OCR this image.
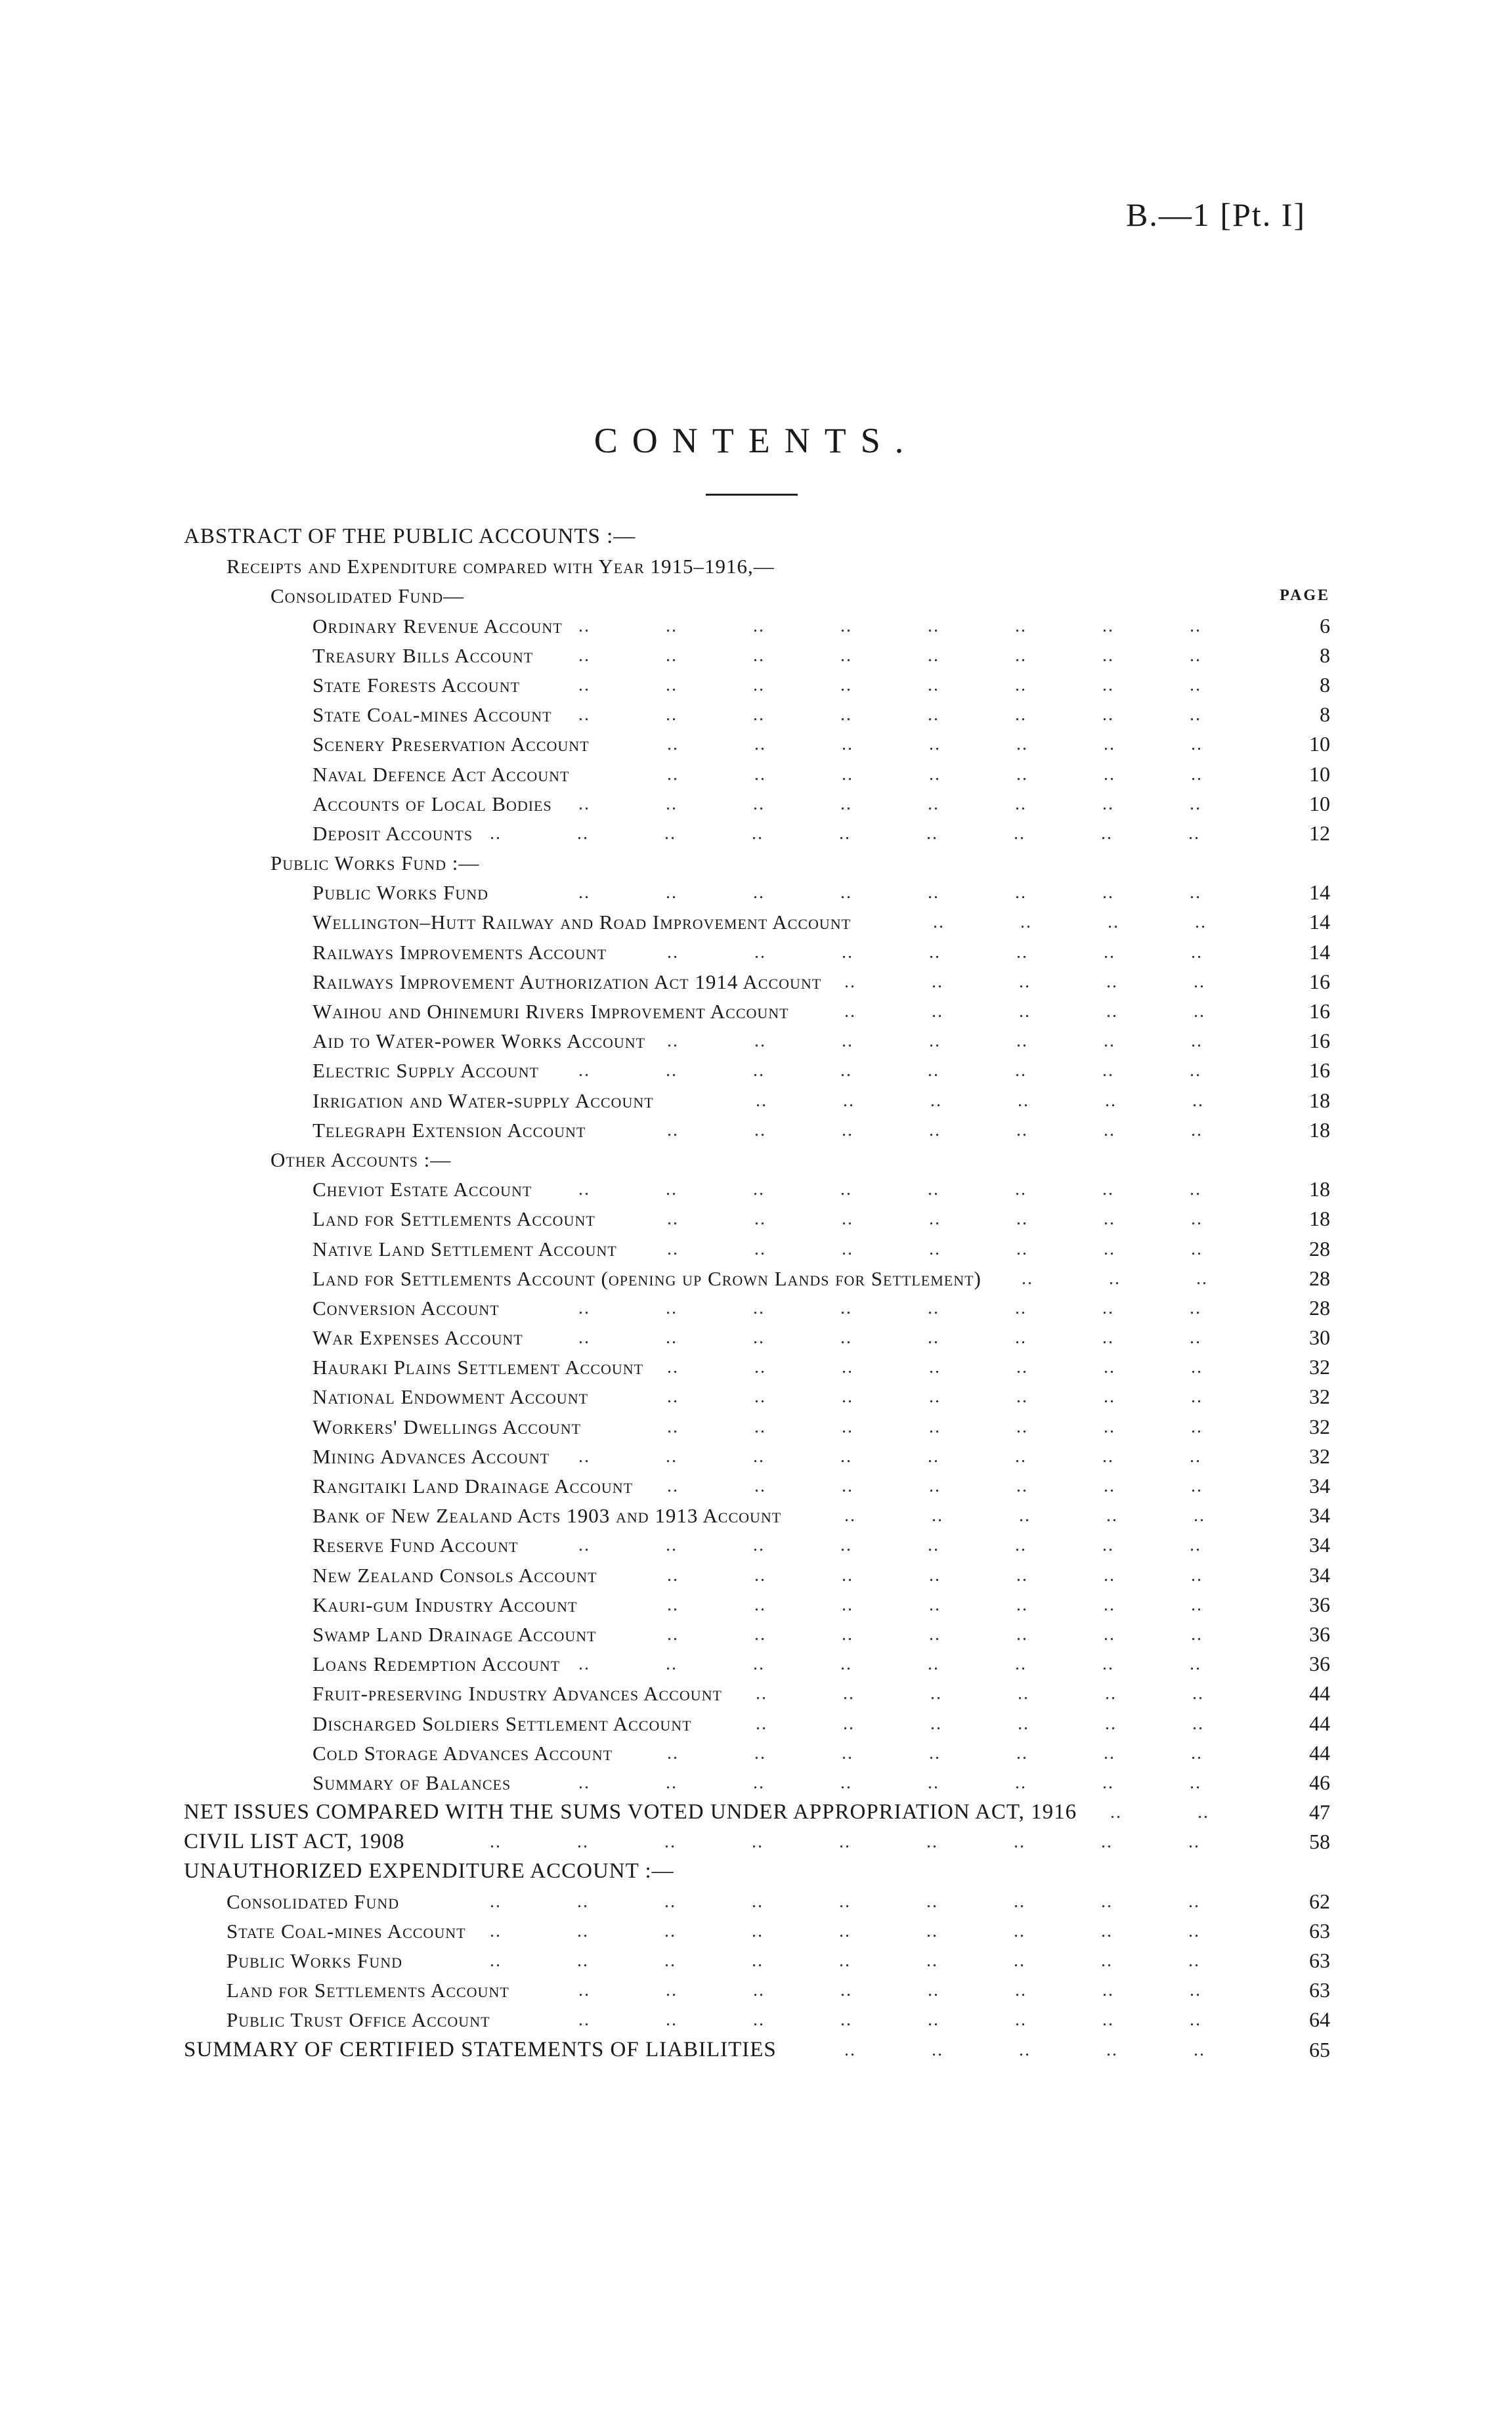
B.—1 [Pt. I]
CONTENTS.
ABSTRACT OF THE PUBLIC ACCOUNTS :—
Receipts and Expenditure compared with Year 1915–1916,—
Consolidated Fund—	PAGE
Ordinary Revenue Account ..     ..     ..     ..     ..     ..     ..     ..	6
Treasury Bills Account ..     ..     ..     ..     ..     ..     ..     ..	8
State Forests Account	..     ..     ..     ..     ..     ..     ..     ..	8
State Coal-mines Account ..     ..     ..     ..     ..     ..     ..     ..	8
Scenery Preservation Account	..     ..     ..     ..     ..     ..     ..	10
Naval Defence Act Account	..     ..     ..     ..     ..     ..     ..	10
Accounts of Local Bodies ..     ..     ..     ..     ..     ..     ..     ..	10
Deposit Accounts ..     ..     ..     ..     ..     ..     ..     ..     ..	12
Public Works Fund :—
Public Works Fund	..     ..     ..     ..     ..     ..     ..     ..	14
Wellington–Hutt Railway and Road Improvement Account	..     ..     ..     ..	14
Railways Improvements Account	..     ..     ..     ..     ..     ..     ..	14
Railways Improvement Authorization Act 1914 Account ..     ..     ..     ..     ..	16
Waihou and Ohinemuri Rivers Improvement Account	..     ..     ..     ..     ..	16
Aid to Water-power Works Account ..     ..     ..     ..     ..     ..     ..	16
Electric Supply Account ..     ..     ..     ..     ..     ..     ..     ..	16
Irrigation and Water-supply Account	..     ..     ..     ..     ..     ..	18
Telegraph Extension Account	..     ..     ..     ..     ..     ..     ..	18
Other Accounts :—
Cheviot Estate Account	..     ..     ..     ..     ..     ..     ..     ..	18
Land for Settlements Account	..     ..     ..     ..     ..     ..     ..	18
Native Land Settlement Account	..     ..     ..     ..     ..     ..     ..	28
Land for Settlements Account (opening up Crown Lands for Settlement) ..     ..     ..	28
Conversion Account	..     ..     ..     ..     ..     ..     ..     ..	28
War Expenses Account	..     ..     ..     ..     ..     ..     ..     ..	30
Hauraki Plains Settlement Account ..     ..     ..     ..     ..     ..     ..	32
National Endowment Account	..     ..     ..     ..     ..     ..     ..	32
Workers' Dwellings Account	..     ..     ..     ..     ..     ..     ..	32
Mining Advances Account ..     ..     ..     ..     ..     ..     ..     ..	32
Rangitaiki Land Drainage Account ..     ..     ..     ..     ..     ..     ..	34
Bank of New Zealand Acts 1903 and 1913 Account	..     ..     ..     ..     ..	34
Reserve Fund Account	..     ..     ..     ..     ..     ..     ..     ..	34
New Zealand Consols Account	..     ..     ..     ..     ..     ..     ..	34
Kauri-gum Industry Account	..     ..     ..     ..     ..     ..     ..	36
Swamp Land Drainage Account	..     ..     ..     ..     ..     ..     ..	36
Loans Redemption Account ..     ..     ..     ..     ..     ..     ..     ..	36
Fruit-preserving Industry Advances Account ..     ..     ..     ..     ..     ..	44
Discharged Soldiers Settlement Account	..     ..     ..     ..     ..     ..	44
Cold Storage Advances Account	..     ..     ..     ..     ..     ..     ..	44
Summary of Balances	..     ..     ..     ..     ..     ..     ..     ..	46
NET ISSUES COMPARED WITH THE SUMS VOTED UNDER APPROPRIATION ACT, 1916 ..     ..	47
CIVIL LIST ACT, 1908	..     ..     ..     ..     ..     ..     ..     ..     ..	58
UNAUTHORIZED EXPENDITURE ACCOUNT :—
Consolidated Fund	..     ..     ..     ..     ..     ..     ..     ..     ..	62
State Coal-mines Account ..     ..     ..     ..     ..     ..     ..     ..     ..	63
Public Works Fund	..     ..     ..     ..     ..     ..     ..     ..     ..	63
Land for Settlements Account	..     ..     ..     ..     ..     ..     ..     ..	63
Public Trust Office Account	..     ..     ..     ..     ..     ..     ..     ..	64
SUMMARY OF CERTIFIED STATEMENTS OF LIABILITIES	..     ..     ..     ..     ..	65
